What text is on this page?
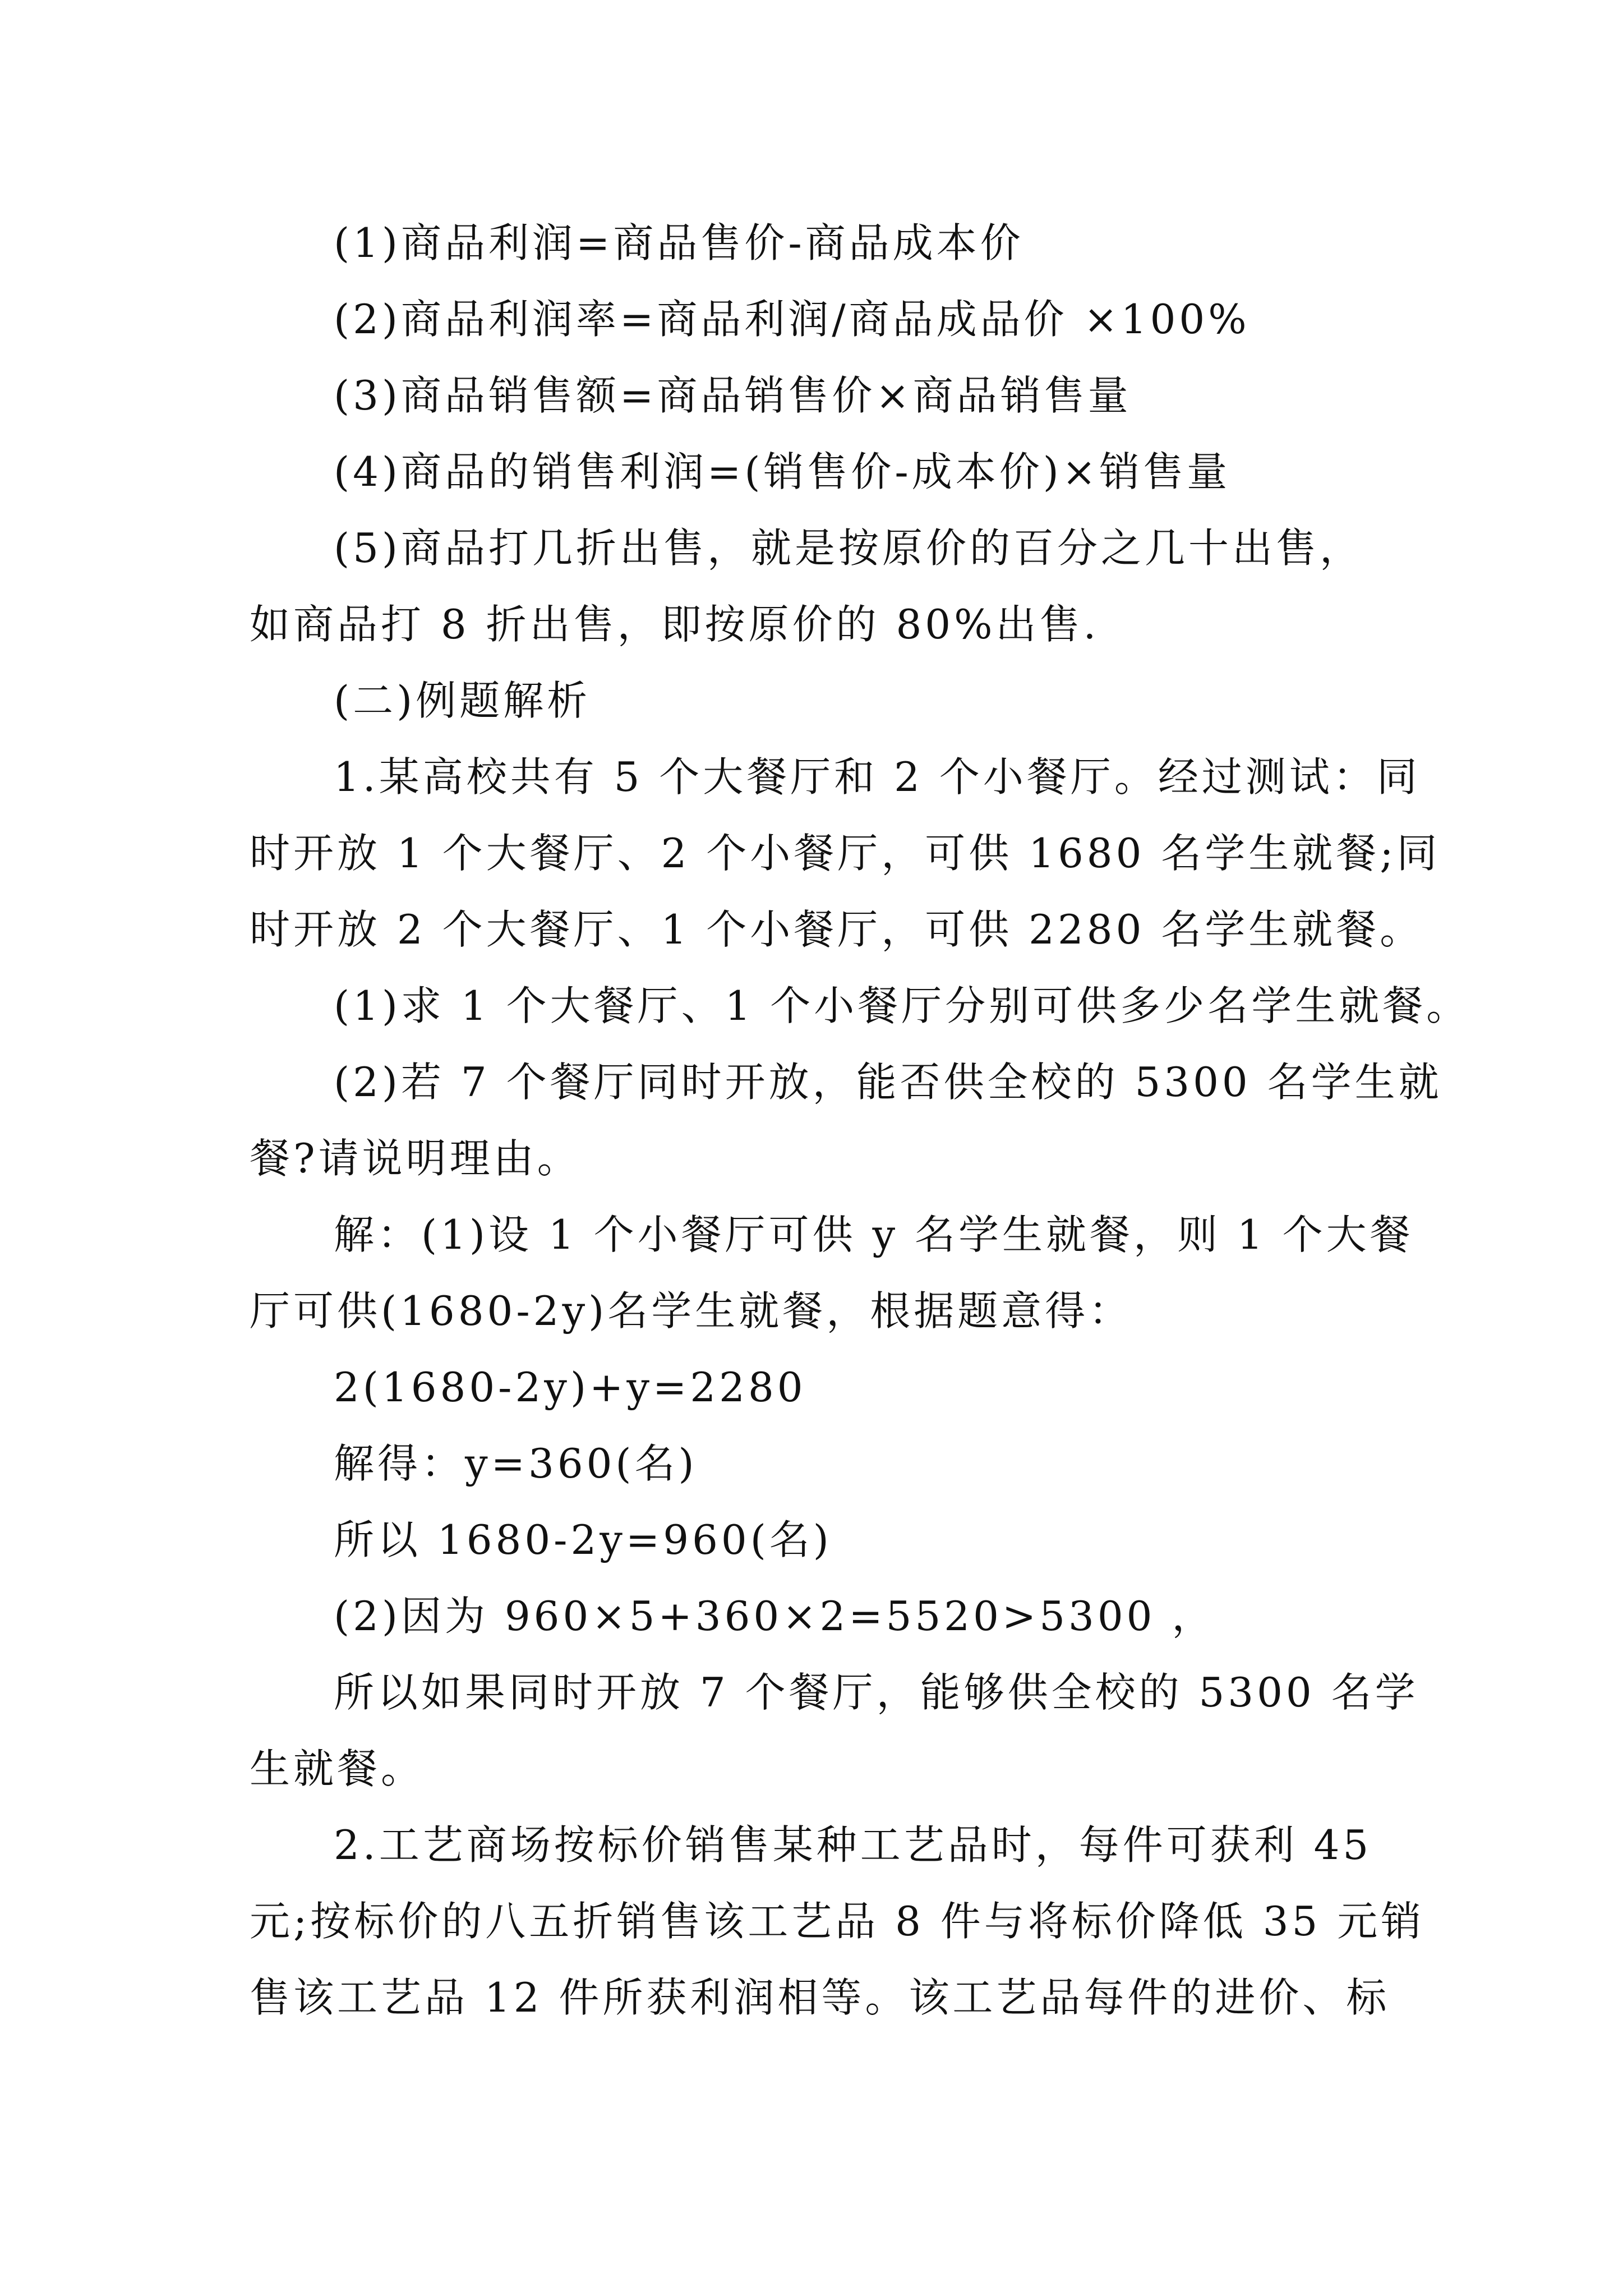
(1)商品利润=商品售价-商品成本价
(2)商品利润率=商品利润/商品成品价 ×100%
(3)商品销售额=商品销售价×商品销售量
(4)商品的销售利润=(销售价-成本价)×销售量
(5)商品打几折出售，就是按原价的百分之几十出售，
如商品打 8 折出售，即按原价的 80%出售.
(二)例题解析
1.某高校共有 5 个大餐厅和 2 个小餐厅。经过测试：同
时开放 1 个大餐厅、2 个小餐厅，可供 1680 名学生就餐;同
时开放 2 个大餐厅、1 个小餐厅，可供 2280 名学生就餐。
(1)求 1 个大餐厅、1 个小餐厅分别可供多少名学生就餐。
(2)若 7 个餐厅同时开放，能否供全校的 5300 名学生就
餐?请说明理由。
解：(1)设 1 个小餐厅可供 y 名学生就餐，则 1 个大餐
厅可供(1680-2y)名学生就餐，根据题意得：
2(1680-2y)+y=2280
解得：y=360(名)
所以 1680-2y=960(名)
(2)因为 960×5+360×2=5520>5300 ，
所以如果同时开放 7 个餐厅，能够供全校的 5300 名学
生就餐。
2.工艺商场按标价销售某种工艺品时，每件可获利 45
元;按标价的八五折销售该工艺品 8 件与将标价降低 35 元销
售该工艺品 12 件所获利润相等。该工艺品每件的进价、标
